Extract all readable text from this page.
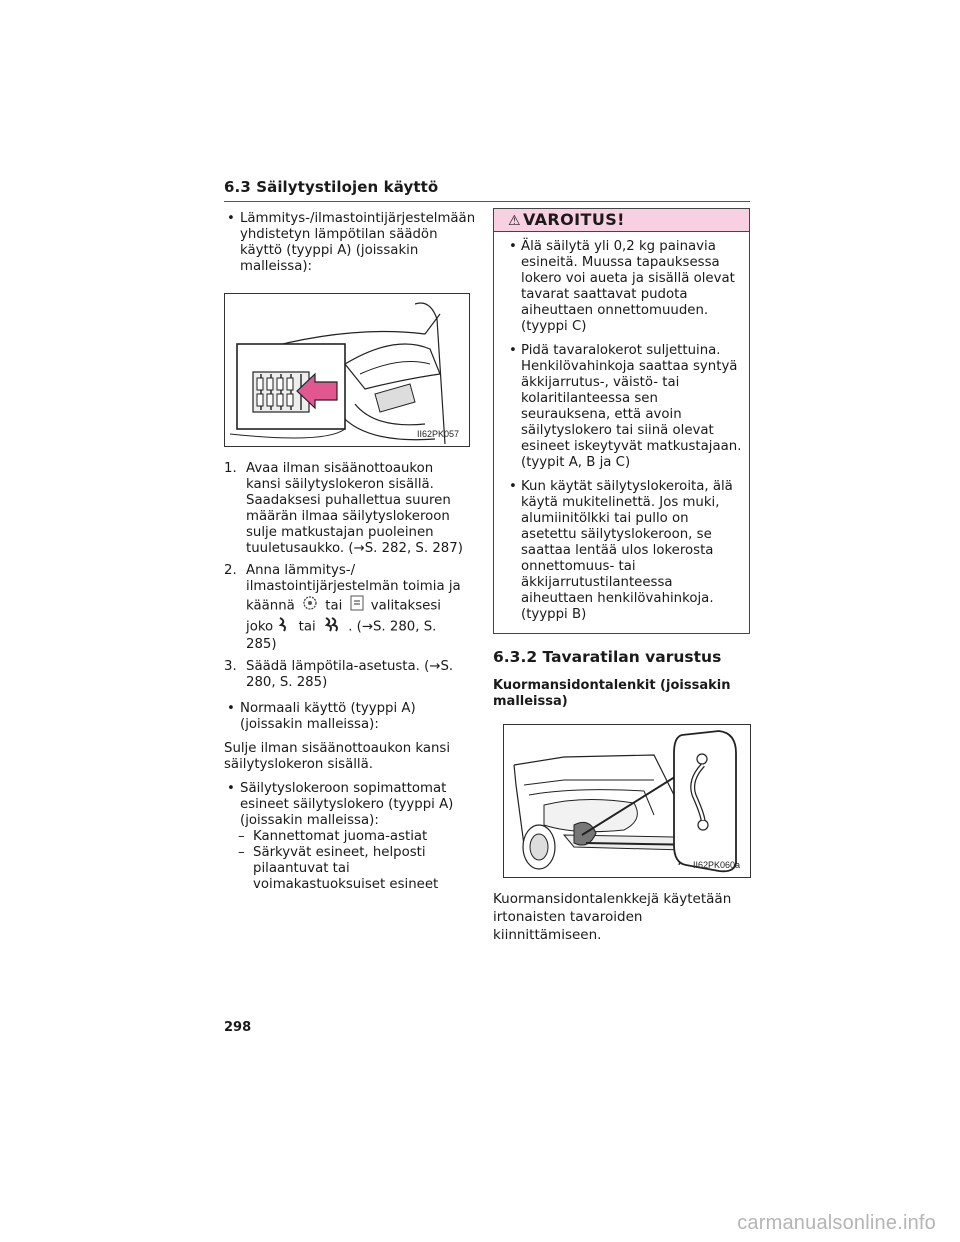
6.3 Säilytystilojen käyttö
• Lämmitys-/ilmastointijärjestelmään yhdistetyn lämpötilan säädön käyttö (tyyppi A) (joissakin malleissa):
II62PK057
1. Avaa ilman sisäänottoaukon kansi säilytyslokeron sisällä. Saadaksesi puhallettua suuren määrän ilmaa säilytyslokeroon sulje matkustajan puoleinen tuuletusaukko. (→S. 282, S. 287)
2. Anna lämmitys-/ ilmastointijärjestelmän toimia ja käännä tai valitaksesi joko tai . (→S. 280, S. 285)
3. Säädä lämpötila-asetusta. (→S. 280, S. 285)
• Normaali käyttö (tyyppi A) (joissakin malleissa):
Sulje ilman sisäänottoaukon kansi säilytyslokeron sisällä.
• Säilytyslokeroon sopimattomat esineet säilytyslokero (tyyppi A) (joissakin malleissa):
– Kannettomat juoma-astiat
– Särkyvät esineet, helposti pilaantuvat tai voimakastuoksuiset esineet
⚠ VAROITUS!
• Älä säilytä yli 0,2 kg painavia esineitä. Muussa tapauksessa lokero voi aueta ja sisällä olevat tavarat saattavat pudota aiheuttaen onnettomuuden. (tyyppi C)
• Pidä tavaralokerot suljettuina. Henkilövahinkoja saattaa syntyä äkkijarrutus-, väistö- tai kolaritilanteessa sen seurauksena, että avoin säilytyslokero tai siinä olevat esineet iskeytyvät matkustajaan. (tyypit A, B ja C)
• Kun käytät säilytyslokeroita, älä käytä mukitelinettä. Jos muki, alumiinitölkki tai pullo on asetettu säilytyslokeroon, se saattaa lentää ulos lokerosta onnettomuus- tai äkkijarrutustilanteessa aiheuttaen henkilövahinkoja. (tyyppi B)
6.3.2 Tavaratilan varustus
Kuormansidontalenkit (joissakin malleissa)
II62PK060a
Kuormansidontalenkkejä käytetään irtonaisten tavaroiden kiinnittämiseen.
298
carmanualsonline.info
